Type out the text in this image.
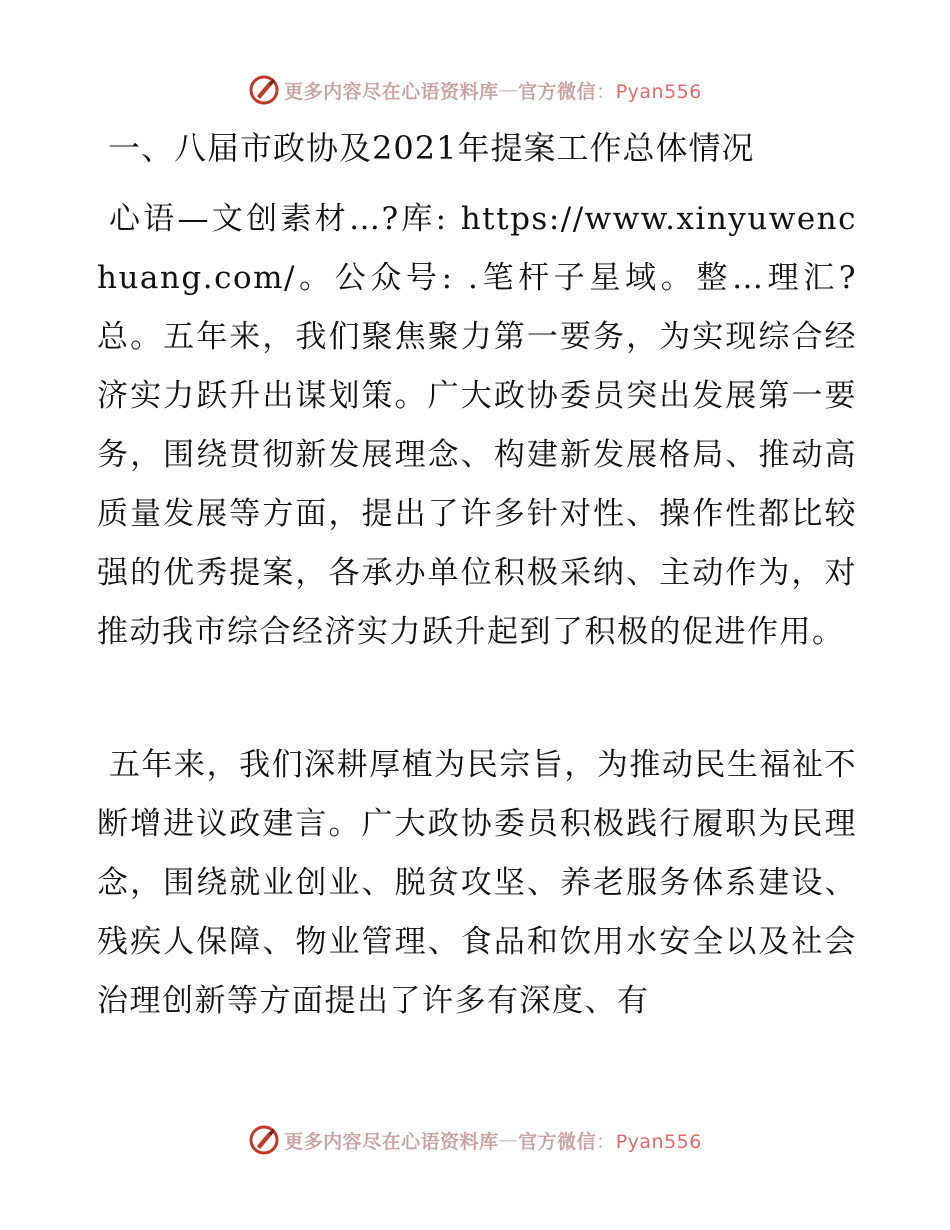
更多内容尽在心语资料库 — 官方微信 ：Pyan556
一、八届市政协及2021年提案工作总体情况

心语—文创素材…?库: https://www.xinyuwenchuang.com/。公众号: .笔杆子星域。整…理汇?总。五年来，我们聚焦聚力第一要务，为实现综合经济实力跃升出谋划策。广大政协委员突出发展第一要务，围绕贯彻新发展理念、构建新发展格局、推动高质量发展等方面，提出了许多针对性、操作性都比较强的优秀提案，各承办单位积极采纳、主动作为，对推动我市综合经济实力跃升起到了积极的促进作用。

五年来，我们深耕厚植为民宗旨，为推动民生福祉不断增进议政建言。广大政协委员积极践行履职为民理念，围绕就业创业、脱贫攻坚、养老服务体系建设、残疾人保障、物业管理、食品和饮用水安全以及社会治理创新等方面提出了许多有深度、有

更多内容尽在心语资料库 — 官方微信 ：Pyan556
